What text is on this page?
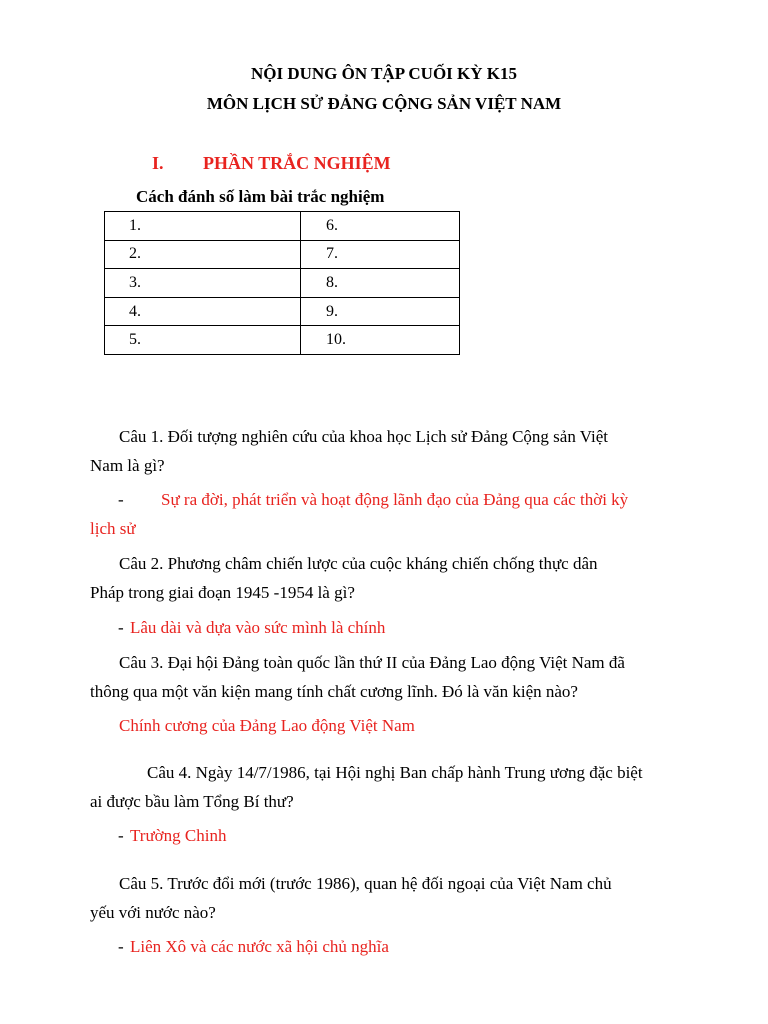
NỘI DUNG ÔN TẬP CUỐI KỲ K15
MÔN LỊCH SỬ ĐẢNG CỘNG SẢN VIỆT NAM
I. PHẦN TRẮC NGHIỆM
Cách đánh số làm bài trắc nghiệm
1.	6.
2.	7.
3.	8.
4.	9.
5.	10.
Câu 1. Đối tượng nghiên cứu của khoa học Lịch sử Đảng Cộng sản Việt
Nam là gì?
- Sự ra đời, phát triển và hoạt động lãnh đạo của Đảng qua các thời kỳ
lịch sử
Câu 2. Phương châm chiến lược của cuộc kháng chiến chống thực dân
Pháp trong giai đoạn 1945 -1954 là gì?
- Lâu dài và dựa vào sức mình là chính
Câu 3. Đại hội Đảng toàn quốc lần thứ II của Đảng Lao động Việt Nam đã
thông qua một văn kiện mang tính chất cương lĩnh. Đó là văn kiện nào?
Chính cương của Đảng Lao động Việt Nam
Câu 4. Ngày 14/7/1986, tại Hội nghị Ban chấp hành Trung ương đặc biệt
ai được bầu làm Tổng Bí thư?
- Trường Chinh
Câu 5. Trước đổi mới (trước 1986), quan hệ đối ngoại của Việt Nam chủ
yếu với nước nào?
- Liên Xô và các nước xã hội chủ nghĩa
